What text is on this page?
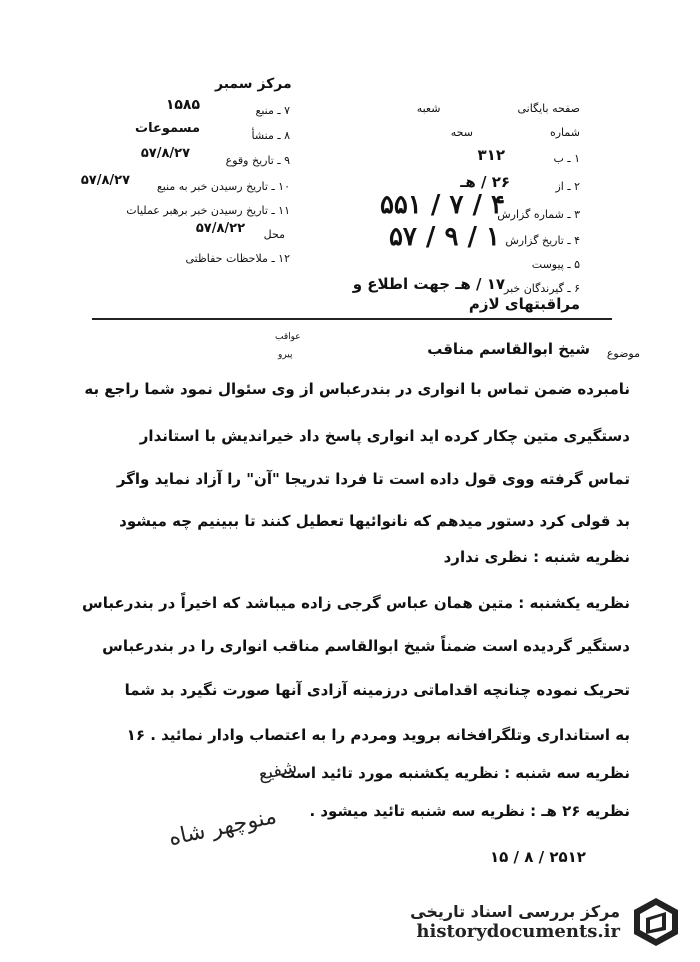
مرکز سمبر
صفحه بایگانی  شعبه
شماره  سحه
۱ ـ ب
۳۱۲
۲ ـ از
۲۶ / هـ
۳ ـ شماره گزارش
۵۵۱ / ۷ / ۴
۴ ـ تاریخ گزارش
۵۷ / ۹ / ۱
۵ ـ پیوست
۶ ـ گیرندگان خبر
۱۷ / هـ جهت اطلاع و
مراقبتهای لازم
۷ ـ منبع
۱۵۸۵
۸ ـ منشأ
مسموعات
۹ ـ تاریخ وقوع
۵۷/۸/۲۷
۱۰ ـ تاریخ رسیدن خبر به منبع
۵۷/۸/۲۷
۱۱ ـ تاریخ رسیدن خبر برهبر عملیات
محل
۵۷/۸/۲۲
۱۲ ـ ملاحظات حفاظتی
موضوع
شیخ ابوالقاسم مناقب
عواقب
پیرو
نامبرده ضمن تماس با انواری در بندرعباس از وی سئوال نمود شما راجع به
دستگیری متین چکار کرده اید انواری پاسخ داد خیراندیش با استاندار
تماس گرفته ووی قول داده است تا فردا تدریجا "آن" را آزاد نماید واگر
بد قولی کرد دستور میدهم که نانوائیها تعطیل کنند تا ببینیم چه میشود
نظریه شنبه : نظری ندارد
نظریه یکشنبه : متین همان عباس گرجی زاده میباشد که اخیراً در بندرعباس
دستگیر گردیده است ضمناً شیخ ابوالقاسم مناقب انواری را در بندرعباس
تحریک نموده چنانچه اقداماتی درزمینه آزادی آنها صورت نگیرد بد شما
به استانداری وتلگرافخانه بروید ومردم را به اعتصاب وادار نمائید . ۱۶
نظریه سه شنبه : نظریه یکشنبه مورد تائید است
نظریه ۲۶ هـ : نظریه سه شنبه تائید میشود .
شفیع
منوچهر شاه
۲۵۱۲ / ۸ / ۱۵
مرکز بررسی اسناد تاریخی
historydocuments.ir
